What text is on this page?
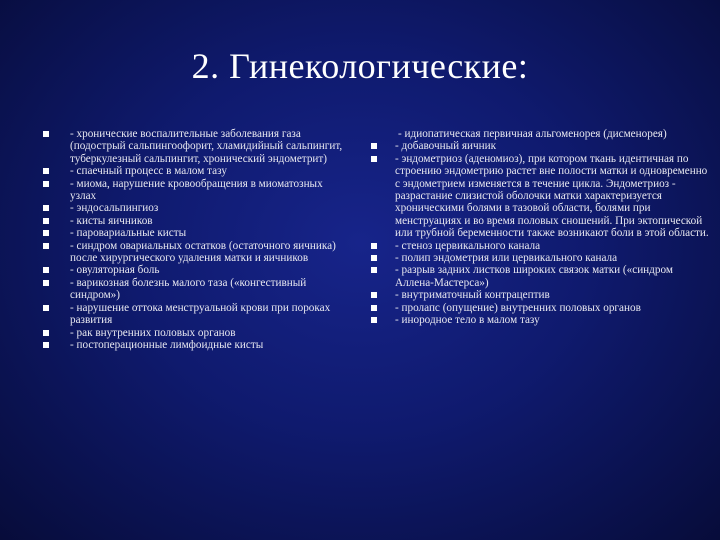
2. Гинекологические:
- хронические воспалительные заболевания газа (подострый сальпингоофорит, хламидийный сальпингит, туберкулезный сальпингит, хронический эндометрит)
- спаечный процесс в малом тазу
- миома, нарушение кровообращения в миоматозных узлах
- эндосальпингиоз
- кисты яичников
- паровариальные кисты
- синдром овариальных остатков (остаточного яичника) после хирургического удаления матки и яичников
- овуляторная боль
- варикозная болезнь малого таза («конгестивный синдром»)
- нарушение оттока менструальной крови при пороках развития
- рак внутренних половых органов
- постоперационные лимфоидные кисты
- идиопатическая первичная альгоменорея (дисменорея)
- добавочный яичник
- эндометриоз (аденомиоз), при котором ткань идентичная по строению эндометрию растет вне полости матки и одновременно с эндометрием изменяется в течение цикла. Эндометриоз - разрастание слизистой оболочки матки характеризуется хроническими болями в тазовой области, болями при менструациях и во время половых сношений. При эктопической или трубной беременности также возникают боли в этой области.
- стеноз цервикального канала
- полип эндометрия или цервикального канала
- разрыв задних листков широких связок матки («синдром Аллена-Мастерса»)
- внутриматочный контрацептив
- пролапс (опущение) внутренних половых органов
- инородное тело в малом тазу
